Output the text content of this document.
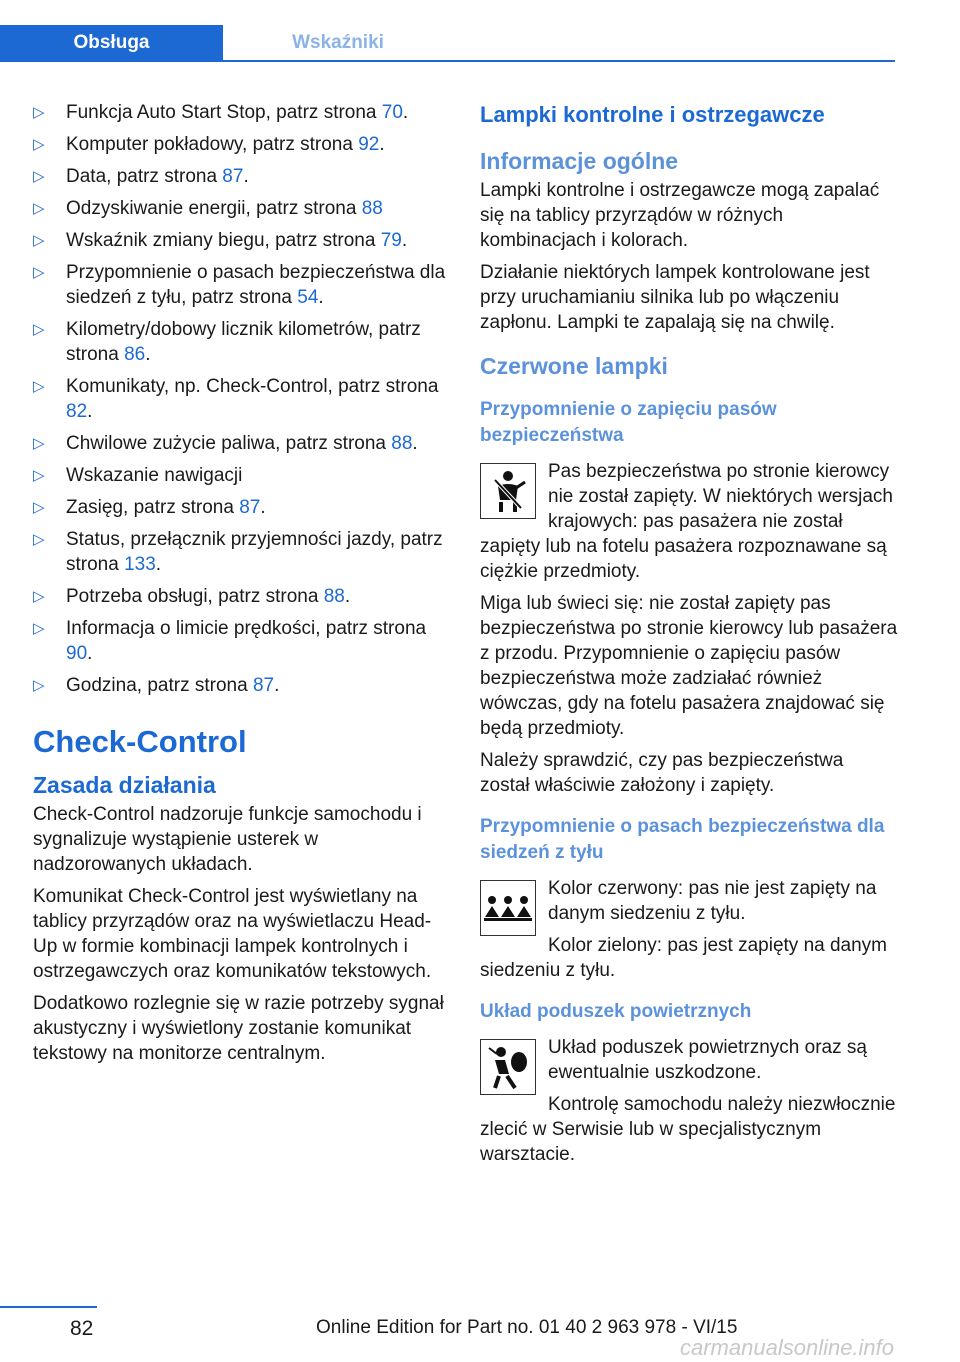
Obsługa	Wskaźniki
▷ Funkcja Auto Start Stop, patrz strona 70.
▷ Komputer pokładowy, patrz strona 92.
▷ Data, patrz strona 87.
▷ Odzyskiwanie energii, patrz strona 88
▷ Wskaźnik zmiany biegu, patrz strona 79.
▷ Przypomnienie o pasach bezpieczeństwa dla siedzeń z tyłu, patrz strona 54.
▷ Kilometry/dobowy licznik kilometrów, patrz strona 86.
▷ Komunikaty, np. Check-Control, patrz strona 82.
▷ Chwilowe zużycie paliwa, patrz strona 88.
▷ Wskazanie nawigacji
▷ Zasięg, patrz strona 87.
▷ Status, przełącznik przyjemności jazdy, patrz strona 133.
▷ Potrzeba obsługi, patrz strona 88.
▷ Informacja o limicie prędkości, patrz strona 90.
▷ Godzina, patrz strona 87.
Check-Control
Zasada działania

Check-Control nadzoruje funkcje samochodu i sygnalizuje wystąpienie usterek w nadzorowanych układach.

Komunikat Check-Control jest wyświetlany na tablicy przyrządów oraz na wyświetlaczu Head-Up w formie kombinacji lampek kontrolnych i ostrzegawczych oraz komunikatów tekstowych.

Dodatkowo rozlegnie się w razie potrzeby sygnał akustyczny i wyświetlony zostanie komunikat tekstowy na monitorze centralnym.

Lampki kontrolne i ostrzegawcze
Informacje ogólne

Lampki kontrolne i ostrzegawcze mogą zapalać się na tablicy przyrządów w różnych kombinacjach i kolorach.

Działanie niektórych lampek kontrolowane jest przy uruchamianiu silnika lub po włączeniu zapłonu. Lampki te zapalają się na chwilę.

Czerwone lampki
Przypomnienie o zapięciu pasów bezpieczeństwa

Pas bezpieczeństwa po stronie kierowcy nie został zapięty. W niektórych wersjach krajowych: pas pasażera nie został zapięty lub na fotelu pasażera rozpoznawane są ciężkie przedmioty.

Miga lub świeci się: nie został zapięty pas bezpieczeństwa po stronie kierowcy lub pasażera z przodu. Przypomnienie o zapięciu pasów bezpieczeństwa może zadziałać również wówczas, gdy na fotelu pasażera znajdować się będą przedmioty.

Należy sprawdzić, czy pas bezpieczeństwa został właściwie założony i zapięty.

Przypomnienie o pasach bezpieczeństwa dla siedzeń z tyłu

Kolor czerwony: pas nie jest zapięty na danym siedzeniu z tyłu.

Kolor zielony: pas jest zapięty na danym siedzeniu z tyłu.

Układ poduszek powietrznych

Układ poduszek powietrznych oraz są ewentualnie uszkodzone.

Kontrolę samochodu należy niezwłocznie zlecić w Serwisie lub w specjalistycznym warsztacie.

82	Online Edition for Part no. 01 40 2 963 978 - VI/15
carmanualsonline.info
